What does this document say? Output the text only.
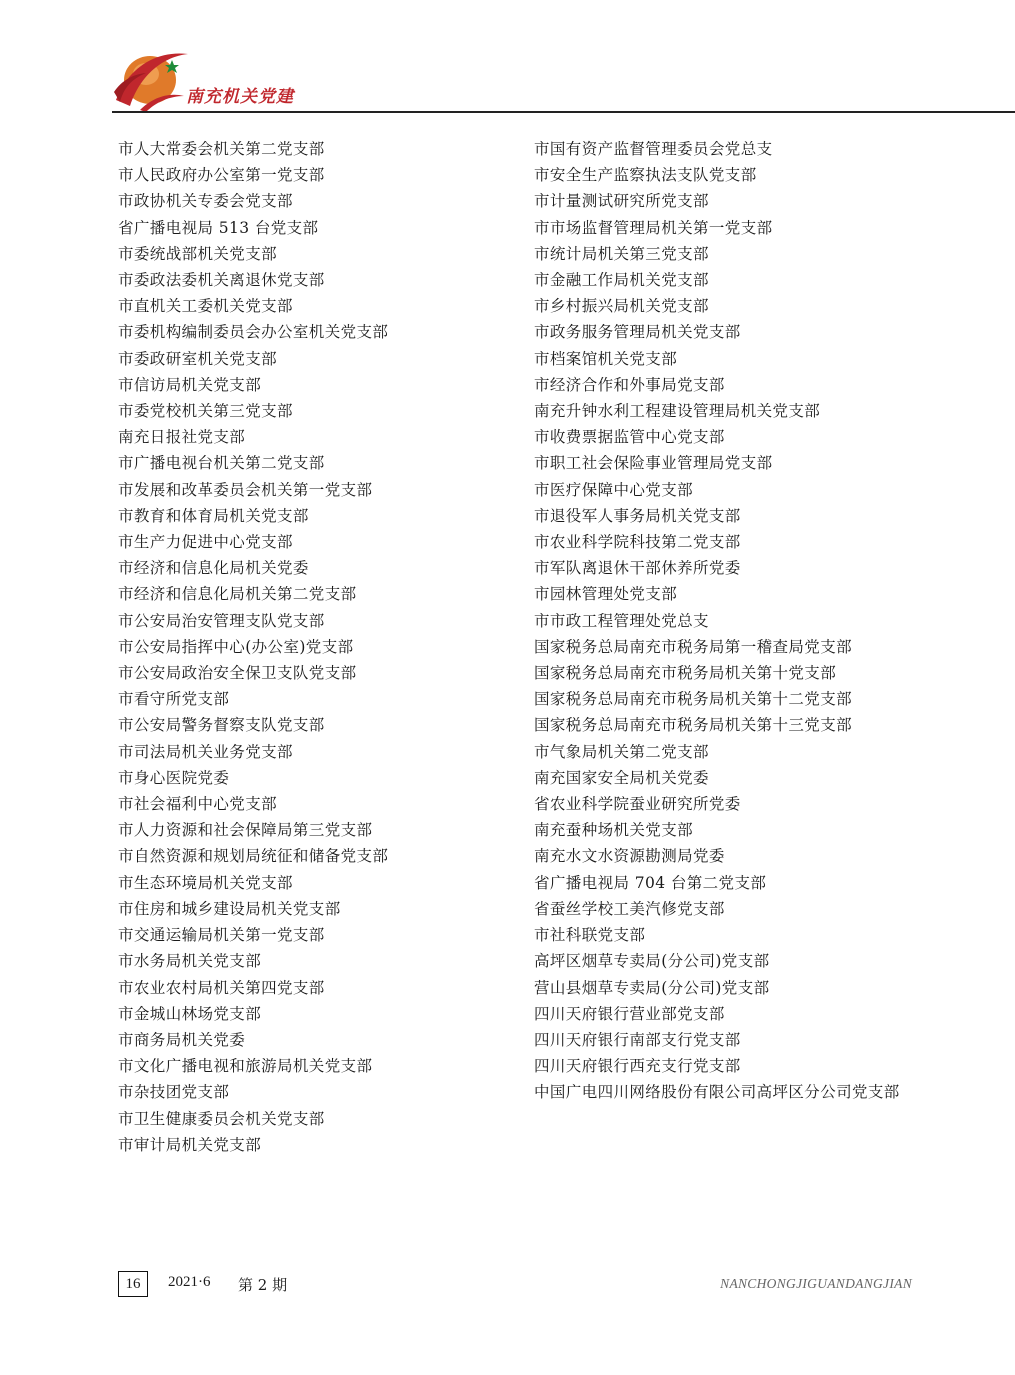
南充机关党建
市人大常委会机关第二党支部
市人民政府办公室第一党支部
市政协机关专委会党支部
省广播电视局 513 台党支部
市委统战部机关党支部
市委政法委机关离退休党支部
市直机关工委机关党支部
市委机构编制委员会办公室机关党支部
市委政研室机关党支部
市信访局机关党支部
市委党校机关第三党支部
南充日报社党支部
市广播电视台机关第二党支部
市发展和改革委员会机关第一党支部
市教育和体育局机关党支部
市生产力促进中心党支部
市经济和信息化局机关党委
市经济和信息化局机关第二党支部
市公安局治安管理支队党支部
市公安局指挥中心(办公室)党支部
市公安局政治安全保卫支队党支部
市看守所党支部
市公安局警务督察支队党支部
市司法局机关业务党支部
市身心医院党委
市社会福利中心党支部
市人力资源和社会保障局第三党支部
市自然资源和规划局统征和储备党支部
市生态环境局机关党支部
市住房和城乡建设局机关党支部
市交通运输局机关第一党支部
市水务局机关党支部
市农业农村局机关第四党支部
市金城山林场党支部
市商务局机关党委
市文化广播电视和旅游局机关党支部
市杂技团党支部
市卫生健康委员会机关党支部
市审计局机关党支部
市国有资产监督管理委员会党总支
市安全生产监察执法支队党支部
市计量测试研究所党支部
市市场监督管理局机关第一党支部
市统计局机关第三党支部
市金融工作局机关党支部
市乡村振兴局机关党支部
市政务服务管理局机关党支部
市档案馆机关党支部
市经济合作和外事局党支部
南充升钟水利工程建设管理局机关党支部
市收费票据监管中心党支部
市职工社会保险事业管理局党支部
市医疗保障中心党支部
市退役军人事务局机关党支部
市农业科学院科技第二党支部
市军队离退休干部休养所党委
市园林管理处党支部
市市政工程管理处党总支
国家税务总局南充市税务局第一稽查局党支部
国家税务总局南充市税务局机关第十党支部
国家税务总局南充市税务局机关第十二党支部
国家税务总局南充市税务局机关第十三党支部
市气象局机关第二党支部
南充国家安全局机关党委
省农业科学院蚕业研究所党委
南充蚕种场机关党支部
南充水文水资源勘测局党委
省广播电视局 704 台第二党支部
省蚕丝学校工美汽修党支部
市社科联党支部
高坪区烟草专卖局(分公司)党支部
营山县烟草专卖局(分公司)党支部
四川天府银行营业部党支部
四川天府银行南部支行党支部
四川天府银行西充支行党支部
中国广电四川网络股份有限公司高坪区分公司党支部
16	2021·6 第 2 期	NANCHONGJIGUANDANGJIAN
